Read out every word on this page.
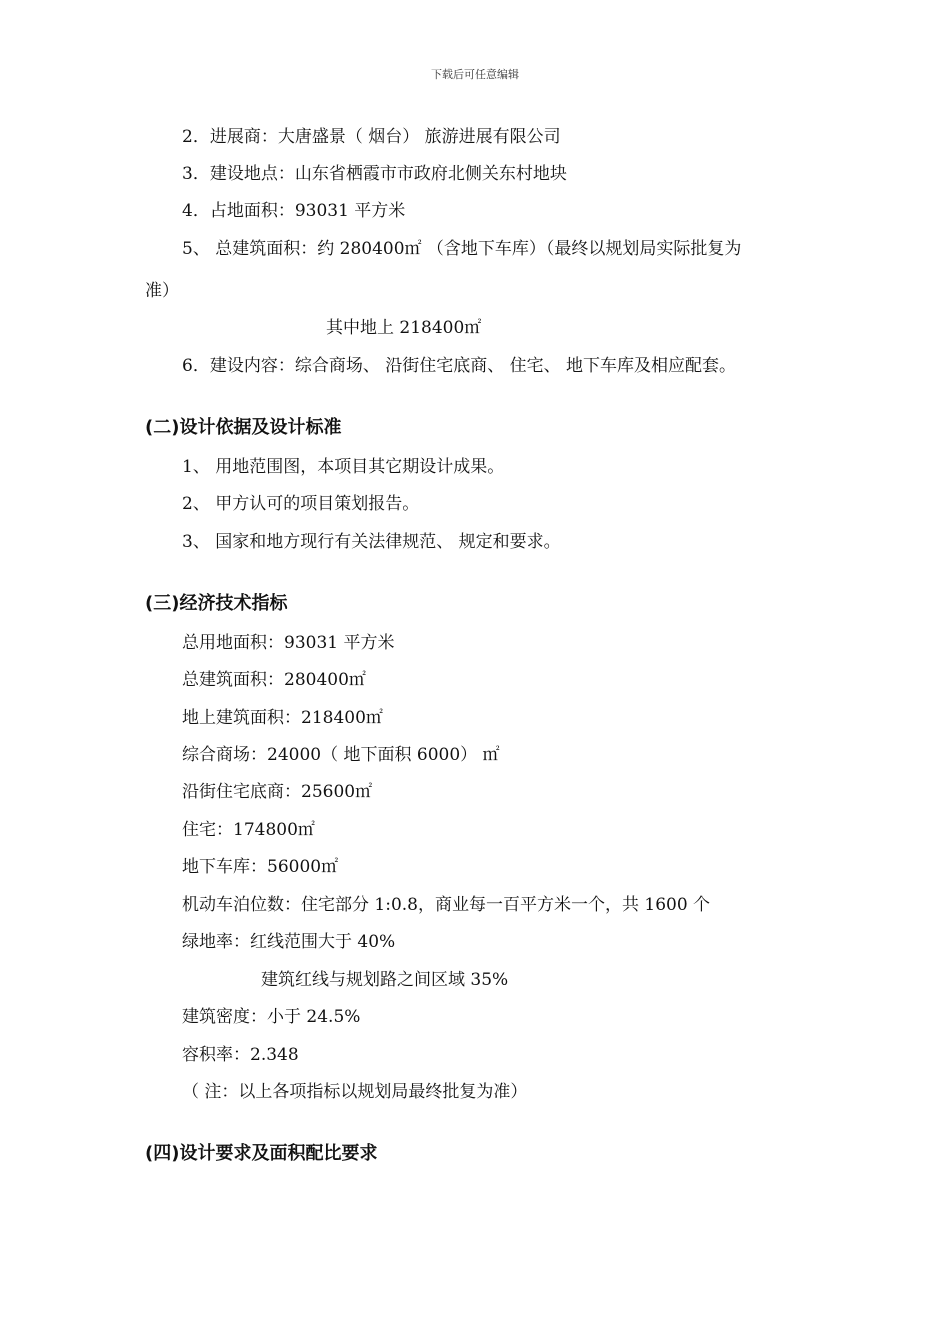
下载后可任意编辑
2．进展商：大唐盛景（ 烟台） 旅游进展有限公司
3．建设地点：山东省栖霞市市政府北侧关东村地块
4．占地面积：93031 平方米
5、 总建筑面积：约 280400㎡ （含地下车库）（最终以规划局实际批复为
准）
其中地上 218400㎡
6．建设内容：综合商场、 沿街住宅底商、 住宅、 地下车库及相应配套。
(二)设计依据及设计标准
1、 用地范围图，本项目其它期设计成果。
2、 甲方认可的项目策划报告。
3、 国家和地方现行有关法律规范、 规定和要求。
(三)经济技术指标
总用地面积：93031 平方米
总建筑面积：280400㎡
地上建筑面积：218400㎡
综合商场：24000（ 地下面积 6000） ㎡
沿街住宅底商：25600㎡
住宅：174800㎡
地下车库：56000㎡
机动车泊位数：住宅部分 1:0.8，商业每一百平方米一个，共 1600 个
绿地率：红线范围大于 40%
建筑红线与规划路之间区域 35%
建筑密度：小于 24.5%
容积率：2.348
（ 注：以上各项指标以规划局最终批复为准）
(四)设计要求及面积配比要求
